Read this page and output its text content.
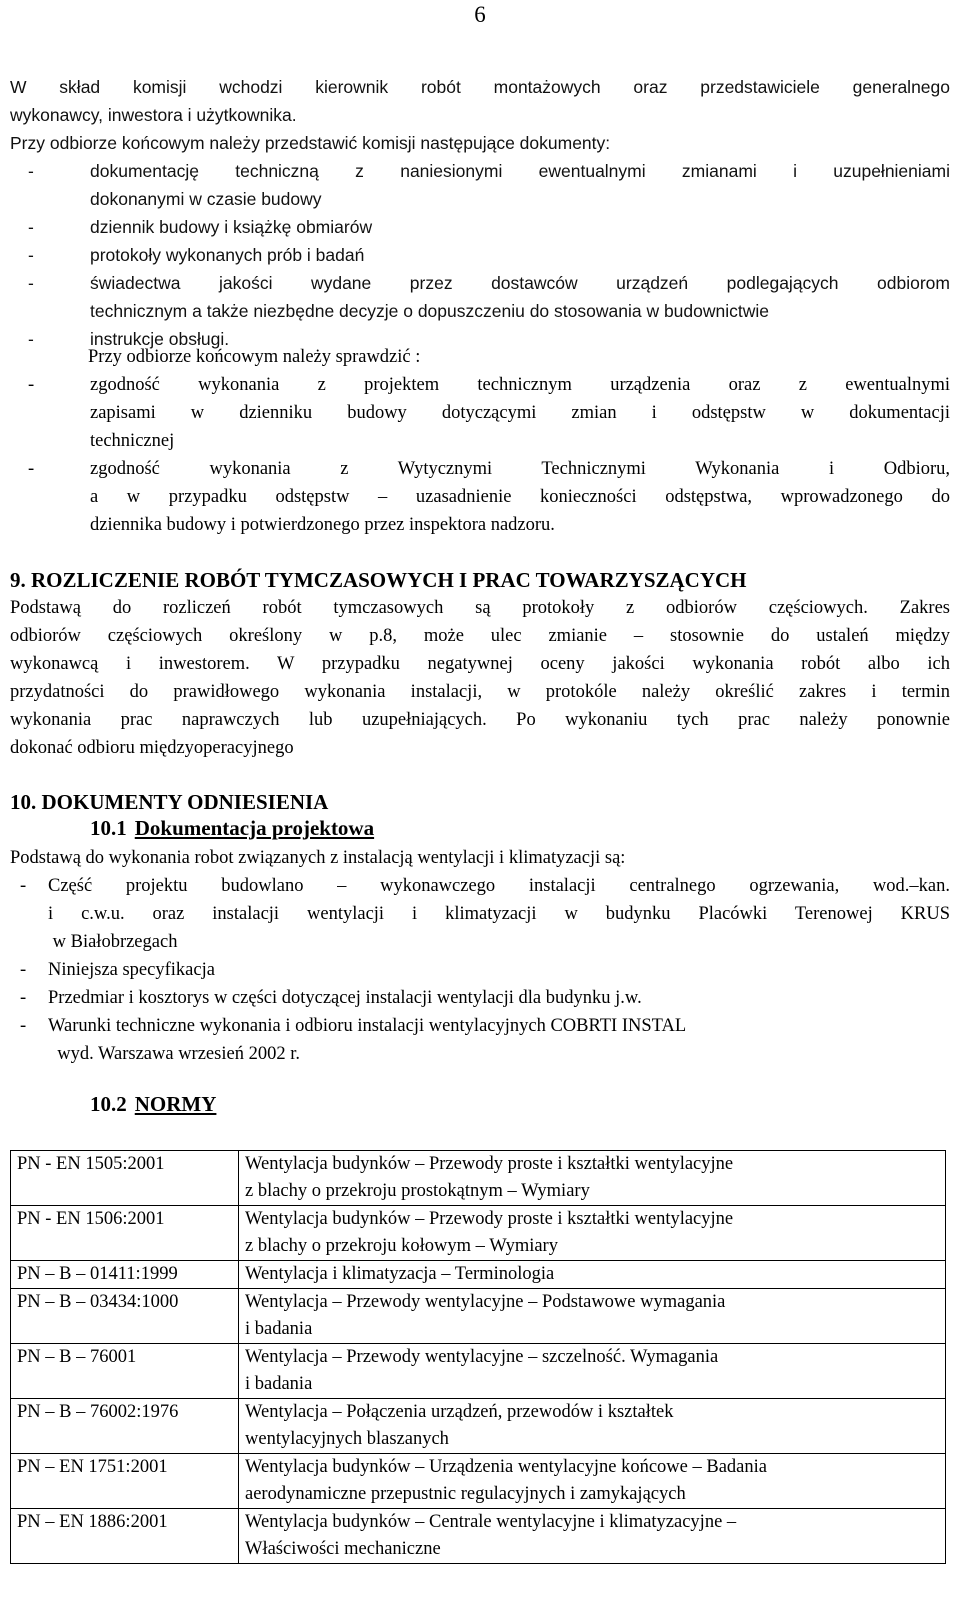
6
W skład komisji wchodzi kierownik robót montażowych oraz przedstawiciele generalnego
wykonawcy, inwestora i użytkownika.
Przy odbiorze końcowym należy przedstawić komisji następujące dokumenty:
-	dokumentację techniczną z naniesionymi ewentualnymi zmianami i uzupełnieniami
dokonanymi w czasie budowy
-	dziennik budowy i książkę obmiarów
-	protokoły wykonanych prób i badań
-	świadectwa jakości wydane przez dostawców urządzeń podlegających odbiorom
technicznym a także niezbędne decyzje o dopuszczeniu do stosowania w budownictwie
-	instrukcje obsługi.
Przy odbiorze końcowym należy sprawdzić :
-	zgodność wykonania z projektem technicznym urządzenia oraz z ewentualnymi
zapisami w dzienniku budowy dotyczącymi zmian i odstępstw w dokumentacji
technicznej
-	zgodność wykonania z Wytycznymi Technicznymi Wykonania i Odbioru,
a w przypadku odstępstw – uzasadnienie konieczności odstępstwa, wprowadzonego do
dziennika budowy i potwierdzonego przez inspektora nadzoru.
9. ROZLICZENIE ROBÓT TYMCZASOWYCH I PRAC TOWARZYSZĄCYCH
Podstawą do rozliczeń robót tymczasowych są protokoły z odbiorów częściowych. Zakres
odbiorów częściowych określony w p.8, może ulec zmianie – stosownie do ustaleń między
wykonawcą i inwestorem. W przypadku negatywnej oceny jakości wykonania robót albo ich
przydatności do prawidłowego wykonania instalacji, w protokóle należy określić zakres i termin
wykonania prac naprawczych lub uzupełniających. Po wykonaniu tych prac należy ponownie
dokonać odbioru międzyoperacyjnego
10. DOKUMENTY ODNIESIENIA
10.1 Dokumentacja projektowa
Podstawą do wykonania robot związanych z instalacją wentylacji i klimatyzacji są:
-	Część projektu budowlano – wykonawczego instalacji centralnego ogrzewania, wod.–kan.
i c.w.u. oraz instalacji wentylacji i klimatyzacji w budynku Placówki Terenowej KRUS
w Białobrzegach
-	Niniejsza specyfikacja
-	Przedmiar i kosztorys w części dotyczącej instalacji wentylacji dla budynku j.w.
-	Warunki techniczne wykonania i odbioru instalacji wentylacyjnych COBRTI INSTAL
wyd. Warszawa wrzesień 2002 r.
10.2 NORMY
PN - EN 1505:2001	Wentylacja budynków – Przewody proste i kształtki wentylacyjne
z blachy o przekroju prostokątnym – Wymiary

PN - EN 1506:2001	Wentylacja budynków – Przewody proste i kształtki wentylacyjne
z blachy o przekroju kołowym – Wymiary

PN – B – 01411:1999	Wentylacja i klimatyzacja – Terminologia

PN – B – 03434:1000	Wentylacja – Przewody wentylacyjne – Podstawowe wymagania
i badania

PN – B – 76001	Wentylacja – Przewody wentylacyjne – szczelność. Wymagania
i badania

PN – B – 76002:1976	Wentylacja – Połączenia urządzeń, przewodów i kształtek
wentylacyjnych blaszanych

PN – EN 1751:2001	Wentylacja budynków – Urządzenia wentylacyjne końcowe – Badania
aerodynamiczne przepustnic regulacyjnych i zamykających

PN – EN 1886:2001	Wentylacja budynków – Centrale wentylacyjne i klimatyzacyjne –
Właściwości mechaniczne
